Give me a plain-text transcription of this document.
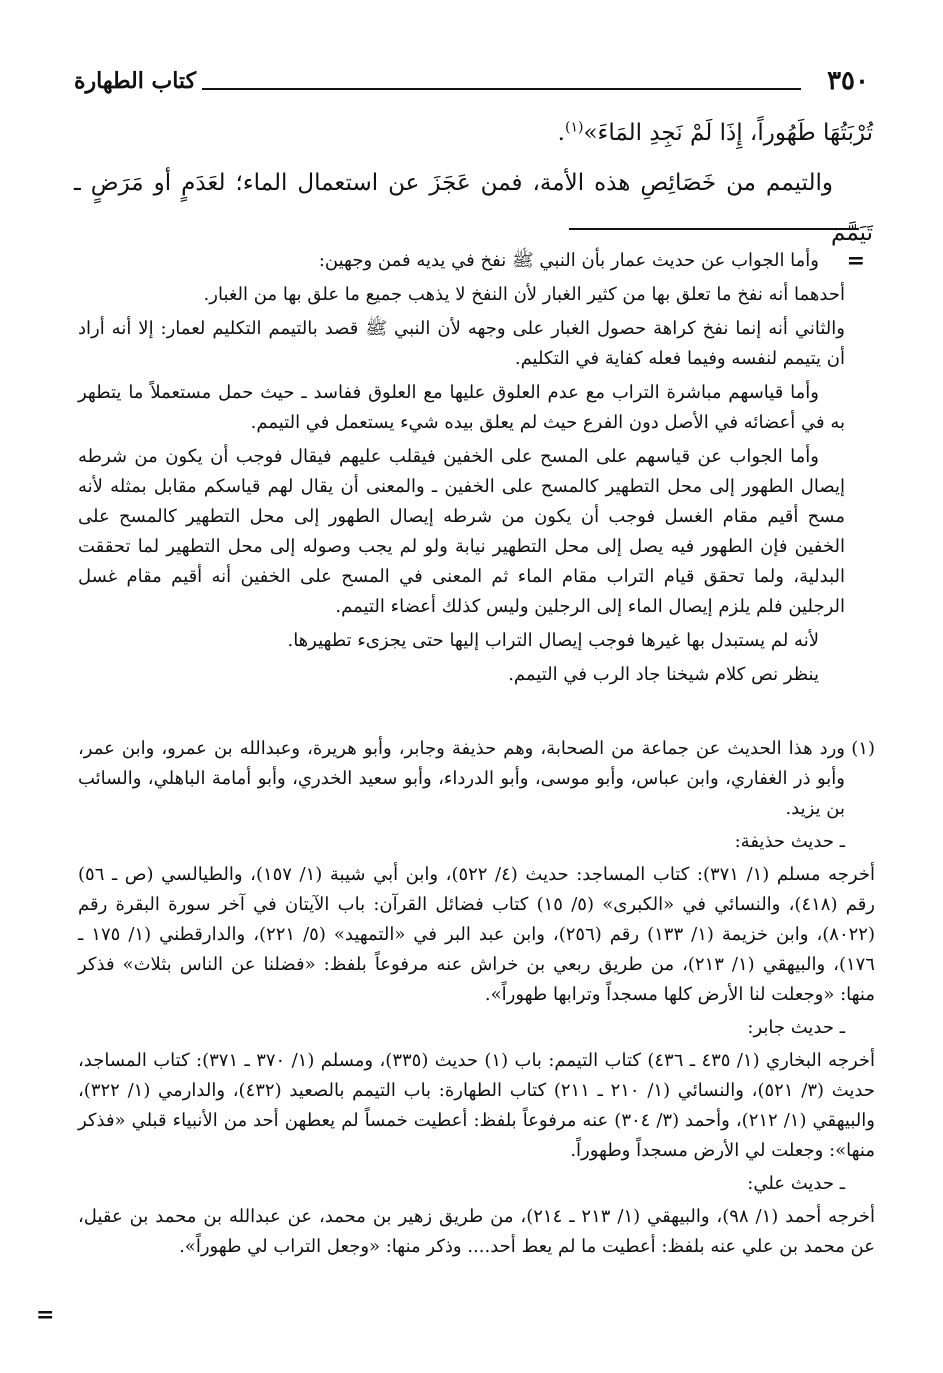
٣٥٠
كتاب الطهارة

تُرْبَتُهَا طَهُوراً، إِذَا لَمْ نَجِدِ المَاءَ»$^{(١)}$.

والتيمم من خَصَائِصِ هذه الأمة، فمن عَجَزَ عن استعمال الماء؛ لعَدَمٍ أو مَرَضٍ ـ تَيَمَّمَ

=

وأما الجواب عن حديث عمار بأن النبي ﷺ نفخ في يديه فمن وجهين:

أحدهما أنه نفخ ما تعلق بها من كثير الغبار لأن النفخ لا يذهب جميع ما علق بها من الغبار.

والثاني أنه إنما نفخ كراهة حصول الغبار على وجهه لأن النبي ﷺ قصد بالتيمم التكليم لعمار: إلا أنه أراد أن يتيمم لنفسه وفيما فعله كفاية في التكليم.

وأما قياسهم مباشرة التراب مع عدم العلوق عليها مع العلوق ففاسد ـ حيث حمل مستعملاً ما يتطهر به في أعضائه في الأصل دون الفرع حيث لم يعلق بيده شيء يستعمل في التيمم.

وأما الجواب عن قياسهم على المسح على الخفين فيقلب عليهم فيقال فوجب أن يكون من شرطه إيصال الطهور إلى محل التطهير كالمسح على الخفين ـ والمعنى أن يقال لهم قياسكم مقابل بمثله لأنه مسح أقيم مقام الغسل فوجب أن يكون من شرطه إيصال الطهور إلى محل التطهير كالمسح على الخفين فإن الطهور فيه يصل إلى محل التطهير نيابة ولو لم يجب وصوله إلى محل التطهير لما تحققت البدلية، ولما تحقق قيام التراب مقام الماء ثم المعنى في المسح على الخفين أنه أقيم مقام غسل الرجلين فلم يلزم إيصال الماء إلى الرجلين وليس كذلك أعضاء التيمم.

لأنه لم يستبدل بها غيرها فوجب إيصال التراب إليها حتى يجزىء تطهيرها.

ينظر نص كلام شيخنا جاد الرب في التيمم.

(١)
ورد هذا الحديث عن جماعة من الصحابة، وهم حذيفة وجابر، وأبو هريرة، وعبدالله بن عمرو، وابن عمر، وأبو ذر الغفاري، وابن عباس، وأبو موسى، وأبو الدرداء، وأبو سعيد الخدري، وأبو أمامة الباهلي، والسائب بن يزيد.

ـ حديث حذيفة:

أخرجه مسلم (١/ ٣٧١): كتاب المساجد: حديث (٤/ ٥٢٢)، وابن أبي شيبة (١/ ١٥٧)، والطيالسي (ص ـ ٥٦) رقم (٤١٨)، والنسائي في «الكبرى» (٥/ ١٥) كتاب فضائل القرآن: باب الآيتان في آخر سورة البقرة رقم (٨٠٢٢)، وابن خزيمة (١/ ١٣٣) رقم (٢٥٦)، وابن عبد البر في «التمهيد» (٥/ ٢٢١)، والدارقطني (١/ ١٧٥ ـ ١٧٦)، والبيهقي (١/ ٢١٣)، من طريق ربعي بن خراش عنه مرفوعاً بلفظ: «فضلنا عن الناس بثلاث» فذكر منها: «وجعلت لنا الأرض كلها مسجداً وترابها طهوراً».

ـ حديث جابر:

أخرجه البخاري (١/ ٤٣٥ ـ ٤٣٦) كتاب التيمم: باب (١) حديث (٣٣٥)، ومسلم (١/ ٣٧٠ ـ ٣٧١): كتاب المساجد، حديث (٣/ ٥٢١)، والنسائي (١/ ٢١٠ ـ ٢١١) كتاب الطهارة: باب التيمم بالصعيد (٤٣٢)، والدارمي (١/ ٣٢٢)، والبيهقي (١/ ٢١٢)، وأحمد (٣/ ٣٠٤) عنه مرفوعاً بلفظ: أعطيت خمساً لم يعطهن أحد من الأنبياء قبلي «فذكر منها»: وجعلت لي الأرض مسجداً وطهوراً.

ـ حديث علي:

أخرجه أحمد (١/ ٩٨)، والبيهقي (١/ ٢١٣ ـ ٢١٤)، من طريق زهير بن محمد، عن عبدالله بن محمد بن عقيل، عن محمد بن علي عنه بلفظ: أعطيت ما لم يعط أحد.... وذكر منها: «وجعل التراب لي طهوراً».

=
